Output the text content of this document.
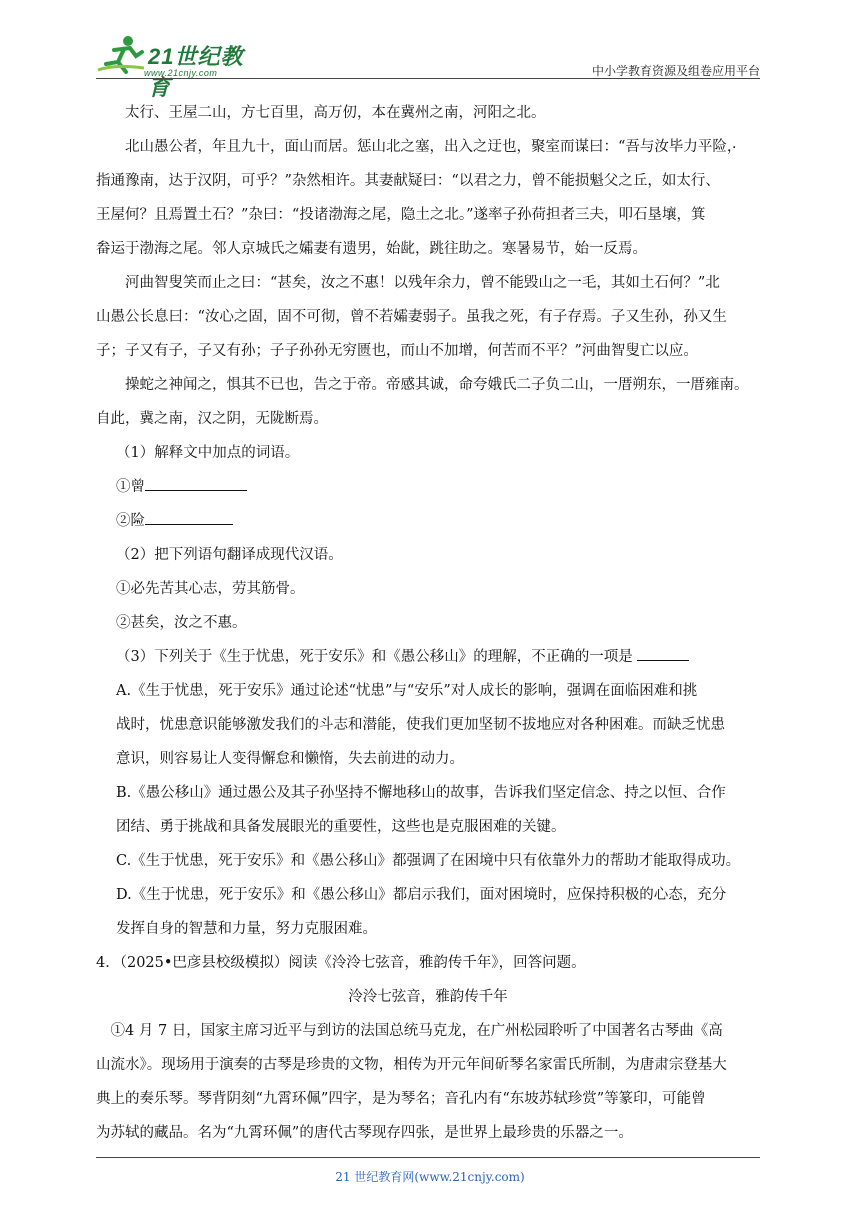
21世纪教育
www.21cnjy.com	中小学教育资源及组卷应用平台

太行、王屋二山，方七百里，高万仞，本在冀州之南，河阳之北。

北山愚公者，年且九十，面山而居。惩山北之塞，出入之迂也，聚室而谋曰：“吾与汝毕力平险 ·，

指通豫南，达于汉阴，可乎？”杂然相许。其妻献疑曰：“以君之力，曾不能损魁父之丘，如太行、

王屋何？且焉置土石？”杂曰：“投诸渤海之尾，隐土之北。”遂率子孙荷担者三夫，叩石垦壤，箕

畚运于渤海之尾。邻人京城氏之孀妻有遗男，始龀，跳往助之。寒暑易节，始一反焉。

河曲智叟笑而止之曰：“甚矣，汝之不惠！以残年余力，曾不能毁山之一毛，其如土石何？”北

山愚公长息曰：“汝心之固，固不可彻，曾不若孀妻弱子。虽我之死，有子存焉。子又生孙，孙又生

子；子又有子，子又有孙；子子孙孙无穷匮也，而山不加增，何苦而不平？”河曲智叟亡以应。

操蛇之神闻之，惧其不已也，告之于帝。帝感其诚，命夸娥氏二子负二山，一厝朔东，一厝雍南。

自此，冀之南，汉之阴，无陇断焉。

（1）解释文中加点的词语。

①曾 ·

②险 ·

（2）把下列语句翻译成现代汉语。

①必先苦其心志，劳其筋骨。

②甚矣，汝之不惠。

（3）下列关于《生于忧患，死于安乐》和《愚公移山》的理解，不正确 ·的一项是

A.《生于忧患，死于安乐》通过论述“忧患”与“安乐”对人成长的影响，强调在面临困难和挑

战时，忧患意识能够激发我们的斗志和潜能，使我们更加坚韧不拔地应对各种困难。而缺乏忧患

意识，则容易让人变得懈怠和懒惰，失去前进的动力。

B.《愚公移山》通过愚公及其子孙坚持不懈地移山的故事，告诉我们坚定信念、持之以恒、合作

团结、勇于挑战和具备发展眼光的重要性，这些也是克服困难的关键。

C.《生于忧患，死于安乐》和《愚公移山》都强调了在困境中只有依靠外力的帮助才能取得成功。

D.《生于忧患，死于安乐》和《愚公移山》都启示我们，面对困境时，应保持积极的心态，充分

发挥自身的智慧和力量，努力克服困难。

4．（2025•巴彦县校级模拟）阅读《泠泠七弦音，雅韵传千年》，回答问题。

泠泠七弦音，雅韵传千年

①4 月 7 日，国家主席习近平与到访的法国总统马克龙，在广州松园聆听了中国著名古琴曲《高

山流水》。现场用于演奏的古琴是珍贵的文物，相传为开元年间斫琴名家雷氏所制，为唐肃宗登基大

典上的奏乐琴。琴背阴刻“九霄环佩”四字，是为琴名；音孔内有“东坡苏轼珍赏”等篆印，可能曾

为苏轼的藏品。名为“九霄环佩”的唐代古琴现存四张，是世界上最珍贵的乐器之一。

21 世纪教育网(www.21cnjy.com)
